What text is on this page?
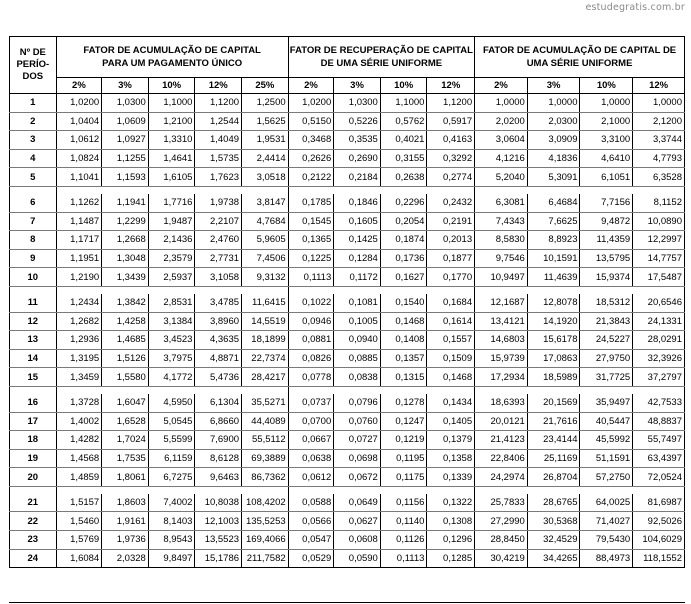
estudegratis.com.br
Nº DE
PERÍO-
DOS	FATOR DE ACUMULAÇÃO DE CAPITAL
PARA UM PAGAMENTO ÚNICO					FATOR DE RECUPERAÇÃO DE CAPITAL
DE UMA SÉRIE UNIFORME				FATOR DE ACUMULAÇÃO DE CAPITAL DE
UMA SÉRIE UNIFORME			
	2%	3%	10%	12%	25%	2%	3%	10%	12%	2%	3%	10%	12%
1	1,0200	1,0300	1,1000	1,1200	1,2500	1,0200	1,0300	1,1000	1,1200	1,0000	1,0000	1,0000	1,0000
2	1,0404	1,0609	1,2100	1,2544	1,5625	0,5150	0,5226	0,5762	0,5917	2,0200	2,0300	2,1000	2,1200
3	1,0612	1,0927	1,3310	1,4049	1,9531	0,3468	0,3535	0,4021	0,4163	3,0604	3,0909	3,3100	3,3744
4	1,0824	1,1255	1,4641	1,5735	2,4414	0,2626	0,2690	0,3155	0,3292	4,1216	4,1836	4,6410	4,7793
5	1,1041	1,1593	1,6105	1,7623	3,0518	0,2122	0,2184	0,2638	0,2774	5,2040	5,3091	6,1051	6,3528

6	1,1262	1,1941	1,7716	1,9738	3,8147	0,1785	0,1846	0,2296	0,2432	6,3081	6,4684	7,7156	8,1152
7	1,1487	1,2299	1,9487	2,2107	4,7684	0,1545	0,1605	0,2054	0,2191	7,4343	7,6625	9,4872	10,0890
8	1,1717	1,2668	2,1436	2,4760	5,9605	0,1365	0,1425	0,1874	0,2013	8,5830	8,8923	11,4359	12,2997
9	1,1951	1,3048	2,3579	2,7731	7,4506	0,1225	0,1284	0,1736	0,1877	9,7546	10,1591	13,5795	14,7757
10	1,2190	1,3439	2,5937	3,1058	9,3132	0,1113	0,1172	0,1627	0,1770	10,9497	11,4639	15,9374	17,5487

11	1,2434	1,3842	2,8531	3,4785	11,6415	0,1022	0,1081	0,1540	0,1684	12,1687	12,8078	18,5312	20,6546
12	1,2682	1,4258	3,1384	3,8960	14,5519	0,0946	0,1005	0,1468	0,1614	13,4121	14,1920	21,3843	24,1331
13	1,2936	1,4685	3,4523	4,3635	18,1899	0,0881	0,0940	0,1408	0,1557	14,6803	15,6178	24,5227	28,0291
14	1,3195	1,5126	3,7975	4,8871	22,7374	0,0826	0,0885	0,1357	0,1509	15,9739	17,0863	27,9750	32,3926
15	1,3459	1,5580	4,1772	5,4736	28,4217	0,0778	0,0838	0,1315	0,1468	17,2934	18,5989	31,7725	37,2797

16	1,3728	1,6047	4,5950	6,1304	35,5271	0,0737	0,0796	0,1278	0,1434	18,6393	20,1569	35,9497	42,7533
17	1,4002	1,6528	5,0545	6,8660	44,4089	0,0700	0,0760	0,1247	0,1405	20,0121	21,7616	40,5447	48,8837
18	1,4282	1,7024	5,5599	7,6900	55,5112	0,0667	0,0727	0,1219	0,1379	21,4123	23,4144	45,5992	55,7497
19	1,4568	1,7535	6,1159	8,6128	69,3889	0,0638	0,0698	0,1195	0,1358	22,8406	25,1169	51,1591	63,4397
20	1,4859	1,8061	6,7275	9,6463	86,7362	0,0612	0,0672	0,1175	0,1339	24,2974	26,8704	57,2750	72,0524

21	1,5157	1,8603	7,4002	10,8038	108,4202	0,0588	0,0649	0,1156	0,1322	25,7833	28,6765	64,0025	81,6987
22	1,5460	1,9161	8,1403	12,1003	135,5253	0,0566	0,0627	0,1140	0,1308	27,2990	30,5368	71,4027	92,5026
23	1,5769	1,9736	8,9543	13,5523	169,4066	0,0547	0,0608	0,1126	0,1296	28,8450	32,4529	79,5430	104,6029
24	1,6084	2,0328	9,8497	15,1786	211,7582	0,0529	0,0590	0,1113	0,1285	30,4219	34,4265	88,4973	118,1552
